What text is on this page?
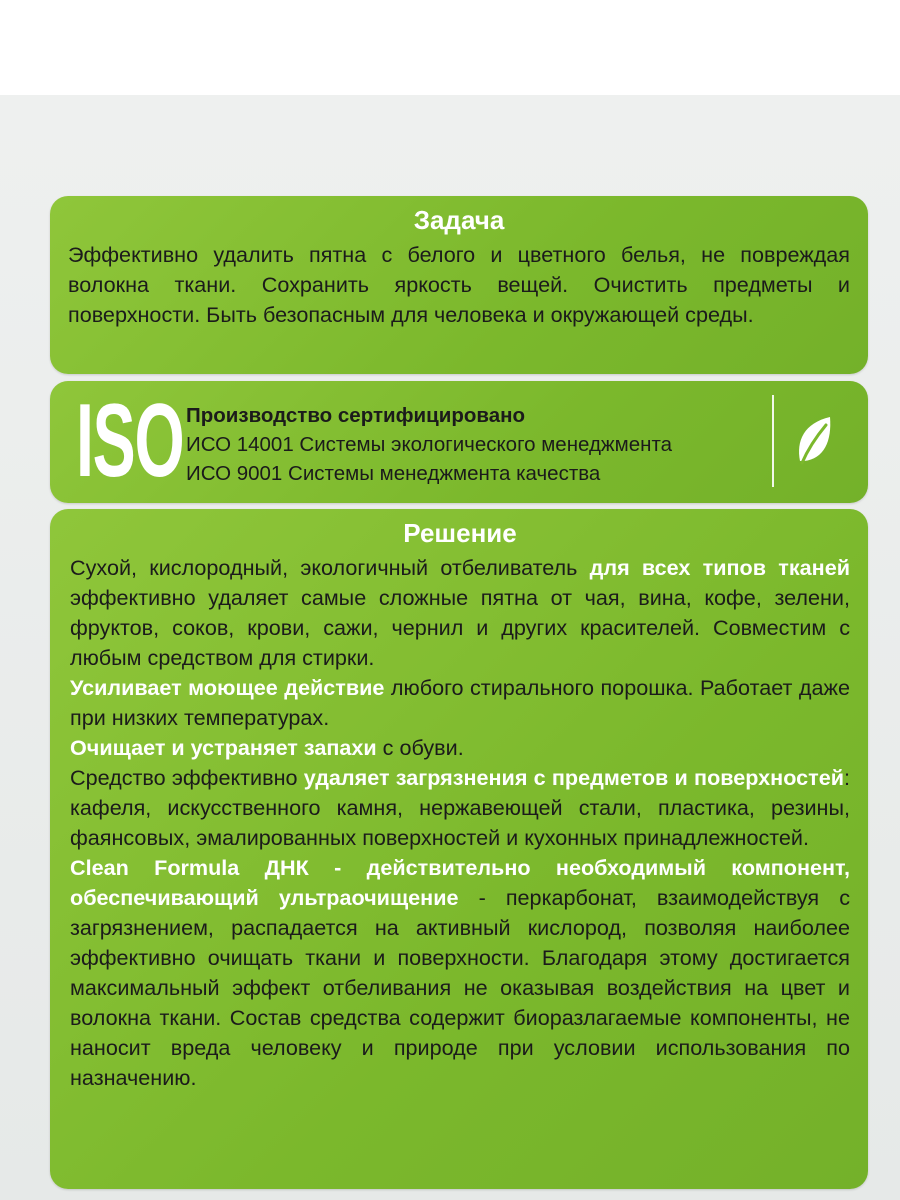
Задача

Эффективно удалить пятна с белого и цветного белья, не повреждая волокна ткани. Сохранить яркость вещей. Очистить предметы и поверхности. Быть безопасным для человека и окружающей среды.

ISO Производство сертифицировано
ИСО 14001 Системы экологического менеджмента
ИСО 9001 Системы менеджмента качества
Решение

Сухой, кислородный, экологичный отбеливатель для всех типов тканей эффективно удаляет самые сложные пятна от чая, вина, кофе, зелени, фруктов, соков, крови, сажи, чернил и других красителей. Совместим с любым средством для стирки.

Усиливает моющее действие любого стирального порошка. Работает даже при низких температурах.

Очищает и устраняет запахи с обуви.

Средство эффективно удаляет загрязнения с предметов и поверхностей: кафеля, искусственного камня, нержавеющей стали, пластика, резины, фаянсовых, эмалированных поверхностей и кухонных принадлежностей.

Clean Formula ДНК - действительно необходимый компонент, обеспечивающий ультраочищение - перкарбонат, взаимодействуя с загрязнением, распадается на активный кислород, позволяя наиболее эффективно очищать ткани и поверхности. Благодаря этому достигается максимальный эффект отбеливания не оказывая воздействия на цвет и волокна ткани. Состав средства содержит биоразлагаемые компоненты, не наносит вреда человеку и природе при условии использования по назначению.
